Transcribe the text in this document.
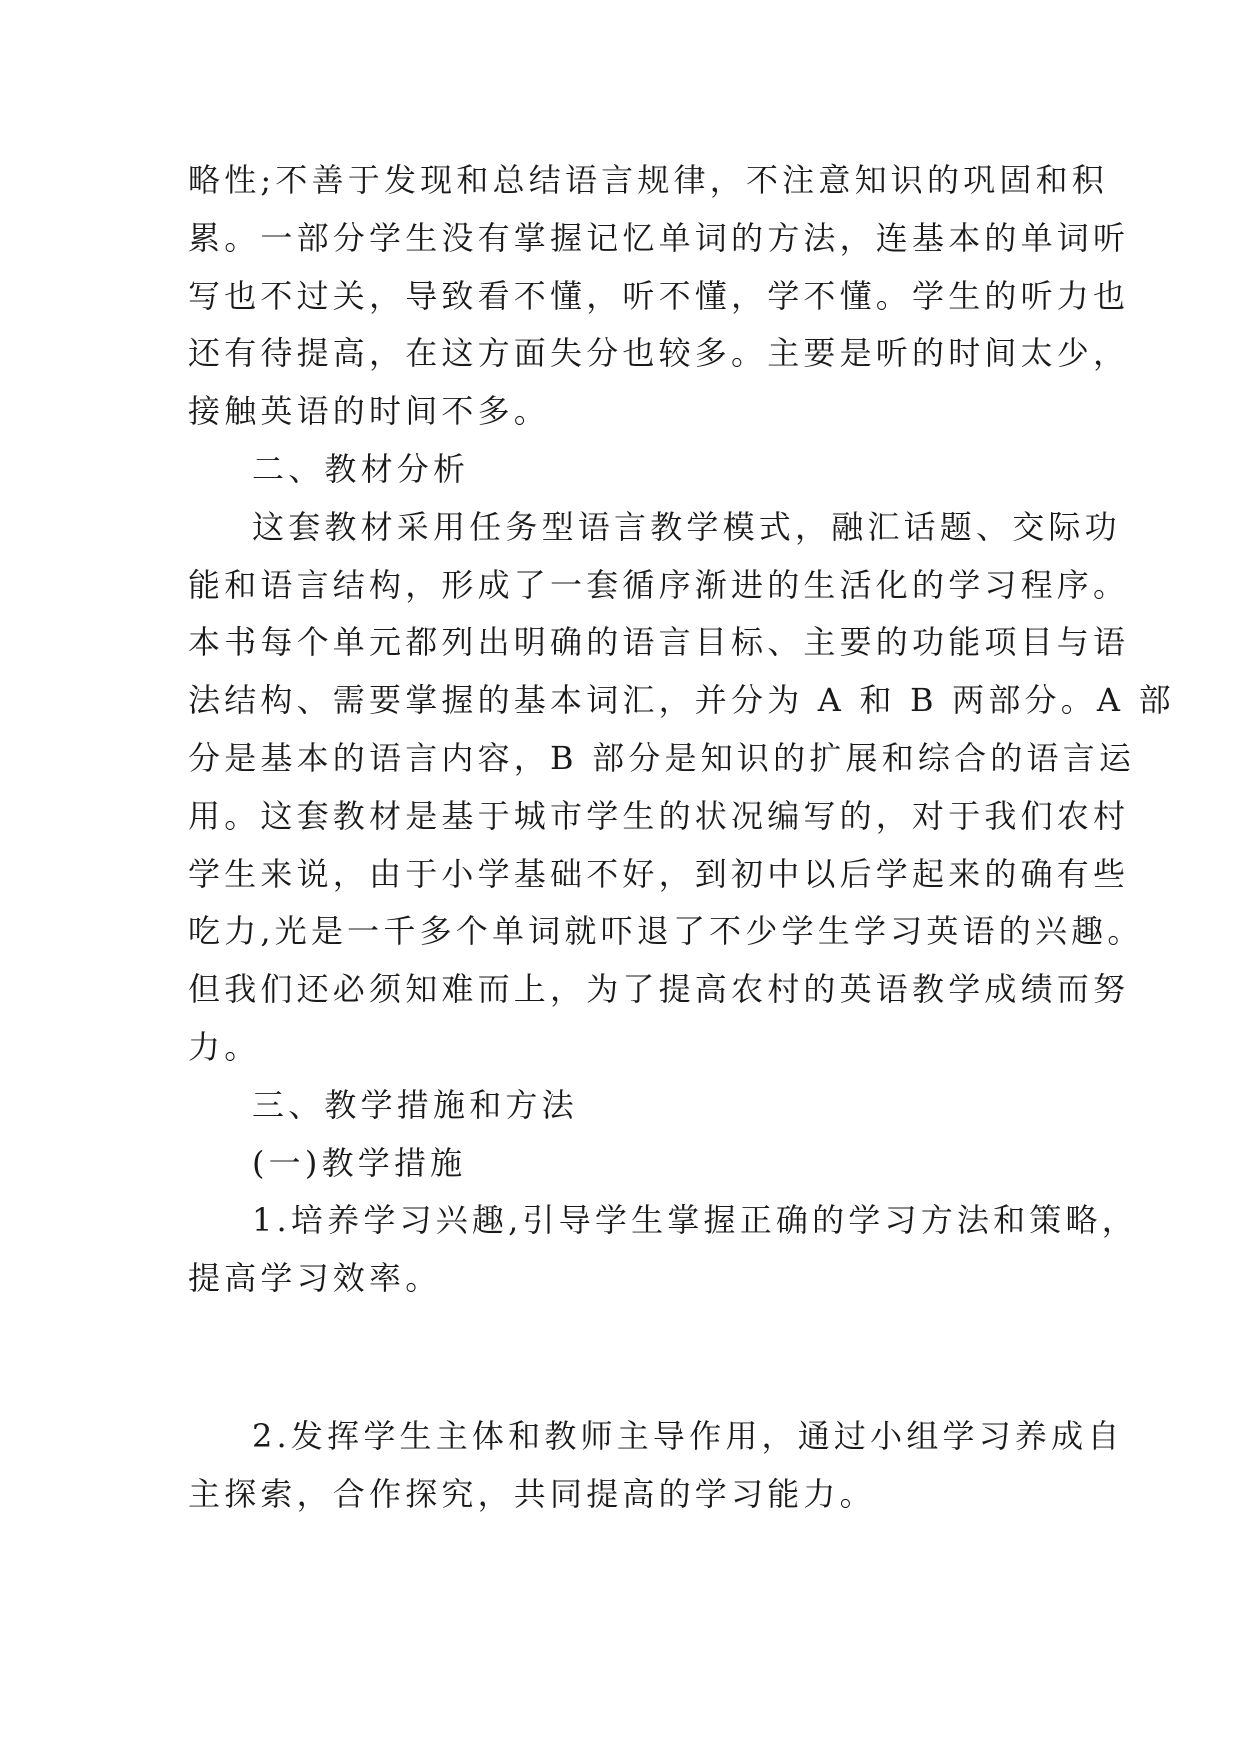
略性;不善于发现和总结语言规律，不注意知识的巩固和积
累。一部分学生没有掌握记忆单词的方法，连基本的单词听
写也不过关，导致看不懂，听不懂，学不懂。学生的听力也
还有待提高，在这方面失分也较多。主要是听的时间太少，
接触英语的时间不多。
二、教材分析
这套教材采用任务型语言教学模式，融汇话题、交际功
能和语言结构，形成了一套循序渐进的生活化的学习程序。
本书每个单元都列出明确的语言目标、主要的功能项目与语
法结构、需要掌握的基本词汇，并分为 A 和 B 两部分。A 部
分是基本的语言内容，B 部分是知识的扩展和综合的语言运
用。这套教材是基于城市学生的状况编写的，对于我们农村
学生来说，由于小学基础不好，到初中以后学起来的确有些
吃力,光是一千多个单词就吓退了不少学生学习英语的兴趣。
但我们还必须知难而上，为了提高农村的英语教学成绩而努
力。
三、教学措施和方法
(一)教学措施
1.培养学习兴趣,引导学生掌握正确的学习方法和策略，
提高学习效率。
2.发挥学生主体和教师主导作用，通过小组学习养成自
主探索，合作探究，共同提高的学习能力。
